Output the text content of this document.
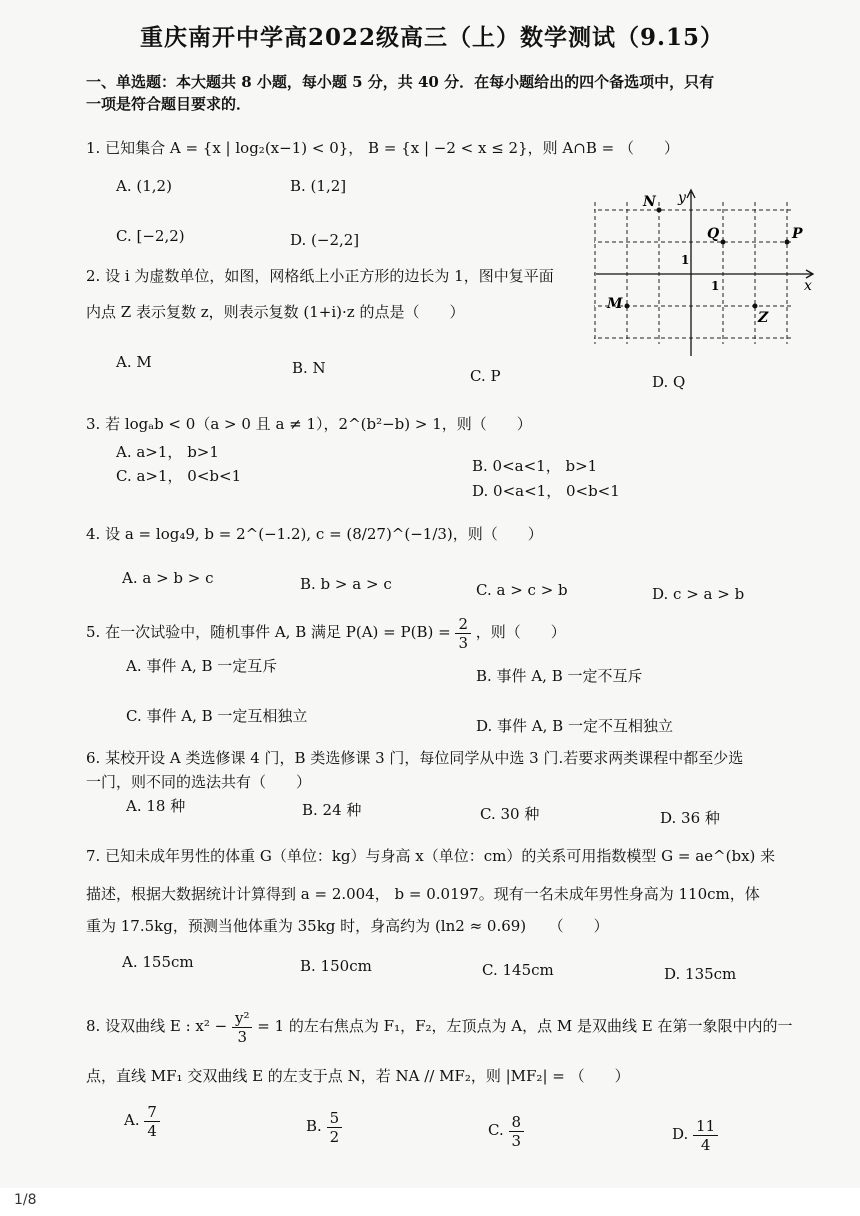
重庆南开中学高2022级高三（上）数学测试（9.15）
一、单选题：本大题共 8 小题，每小题 5 分，共 40 分．在每小题给出的四个备选项中，只有
一项是符合题目要求的．
1. 已知集合 A = {x | log₂(x−1) < 0}， B = {x | −2 < x ≤ 2}，则 A∩B = （　　）
A. (1,2)	B. (1,2]
C. [−2,2)	D. (−2,2]
2. 设 i 为虚数单位，如图，网格纸上小正方形的边长为 1，图中复平面
内点 Z 表示复数 z，则表示复数 (1+i)·z 的点是（　　）
A. M	B. N	C. P	D. Q
x
y
1
1
N
Q	P
M
Z
3. 若 logₐb < 0（a > 0 且 a ≠ 1），2^(b²−b) > 1，则（　　）
A. a>1， b>1
C. a>1， 0<b<1
B. 0<a<1， b>1
D. 0<a<1， 0<b<1
4. 设 a = log₄9, b = 2^(−1.2), c = (8/27)^(−1/3)，则（　　）
A. a > b > c	B. b > a > c	C. a > c > b	D. c > a > b
5. 在一次试验中，随机事件 A, B 满足 $P(A) = P(B) = \frac{2}{3}$ ，则（　　）
A. 事件 A, B 一定互斥
B. 事件 A, B 一定不互斥
C. 事件 A, B 一定互相独立
D. 事件 A, B 一定不互相独立
6. 某校开设 A 类选修课 4 门，B 类选修课 3 门，每位同学从中选 3 门.若要求两类课程中都至少选
一门，则不同的选法共有（　　）
A. 18 种	B. 24 种	C. 30 种	D. 36 种
7. 已知未成年男性的体重 G（单位：kg）与身高 x（单位：cm）的关系可用指数模型 G = ae^(bx) 来
描述，根据大数据统计计算得到 a = 2.004， b = 0.0197。现有一名未成年男性身高为 110cm，体
重为 17.5kg，预测当他体重为 35kg 时，身高约为 (ln2 ≈ 0.69)　　（　　）
A. 155cm	B. 150cm	C. 145cm	D. 135cm
8. 设双曲线 E : $x^2 - \frac{\text{y²}}{3} = 1$ 的左右焦点为 F₁，F₂，左顶点为 A，点 M 是双曲线 E 在第一象限中内的一
点，直线 MF₁ 交双曲线 E 的左支于点 N，若 NA // MF₂，则 |MF₂| = （　　）
A. $\frac{7}{4}$	B. $\frac{5}{2}$	C. $\frac{8}{3}$	D. $\frac{11}{4}$
1/8
